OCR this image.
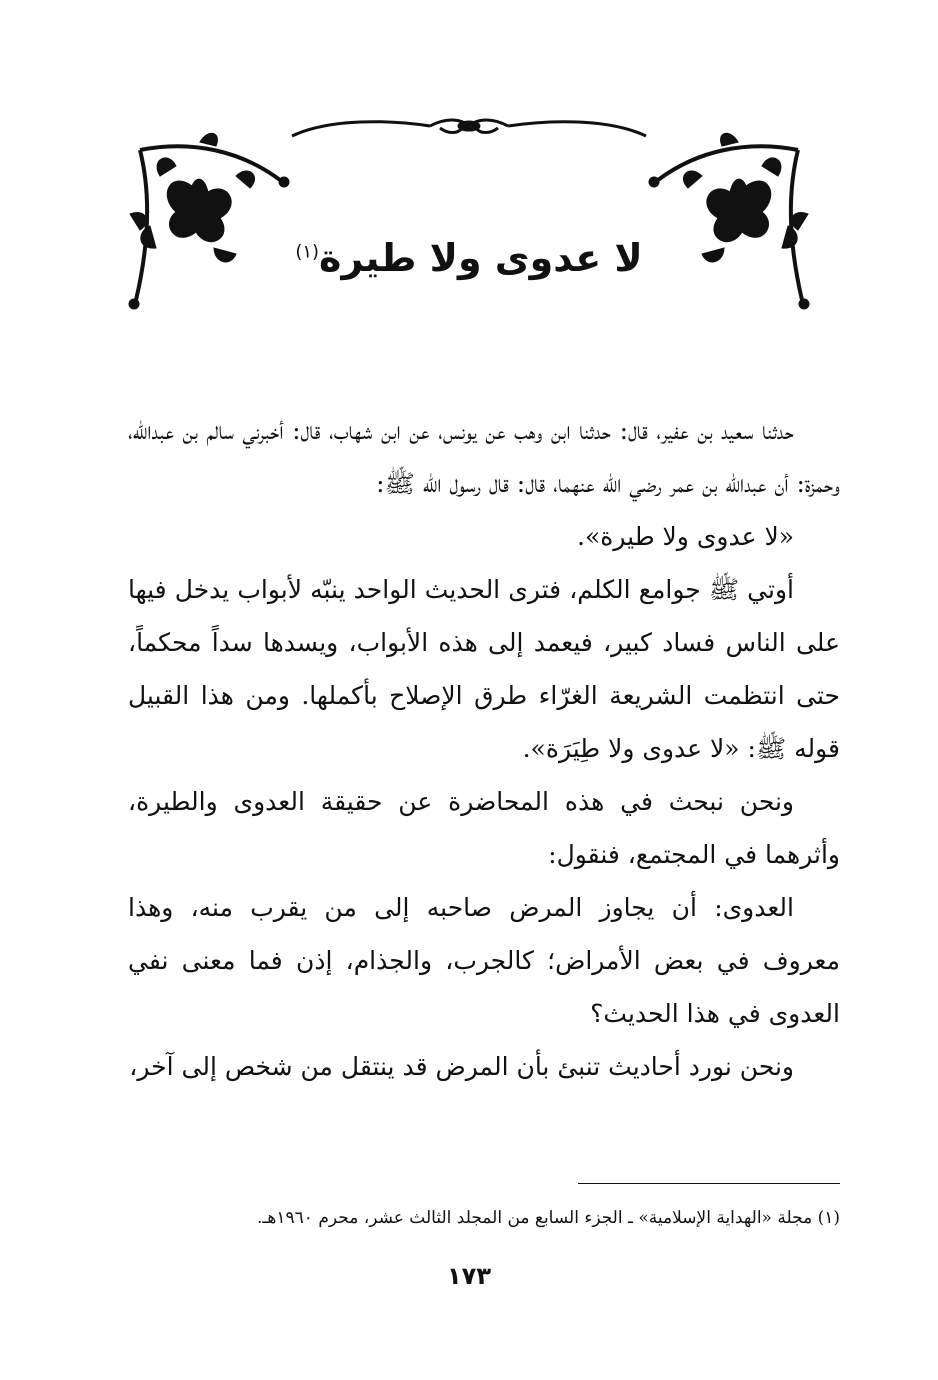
لا عدوى ولا طيرة$^{(١)}$

حدثنا سعيد بن عفير، قال: حدثنا ابن وهب عن يونس، عن ابن شهاب، قال: أخبرني سالم بن عبدالله، وحمزة: أن عبدالله بن عمر رضي الله عنهما، قال: قال رسول الله ﷺ:

«لا عدوى ولا طيرة».

أوتي ﷺ جوامع الكلم، فترى الحديث الواحد ينبّه لأبواب يدخل فيها على الناس فساد كبير، فيعمد إلى هذه الأبواب، ويسدها سداً محكماً، حتى انتظمت الشريعة الغرّاء طرق الإصلاح بأكملها. ومن هذا القبيل قوله ﷺ: «لا عدوى ولا طِيَرَة».

ونحن نبحث في هذه المحاضرة عن حقيقة العدوى والطيرة، وأثرهما في المجتمع، فنقول:

العدوى: أن يجاوز المرض صاحبه إلى من يقرب منه، وهذا معروف في بعض الأمراض؛ كالجرب، والجذام، إذن فما معنى نفي العدوى في هذا الحديث؟

ونحن نورد أحاديث تنبئ بأن المرض قد ينتقل من شخص إلى آخر،

(١) مجلة «الهداية الإسلامية» ـ الجزء السابع من المجلد الثالث عشر، محرم ١٩٦٠هـ.
١٧٣
